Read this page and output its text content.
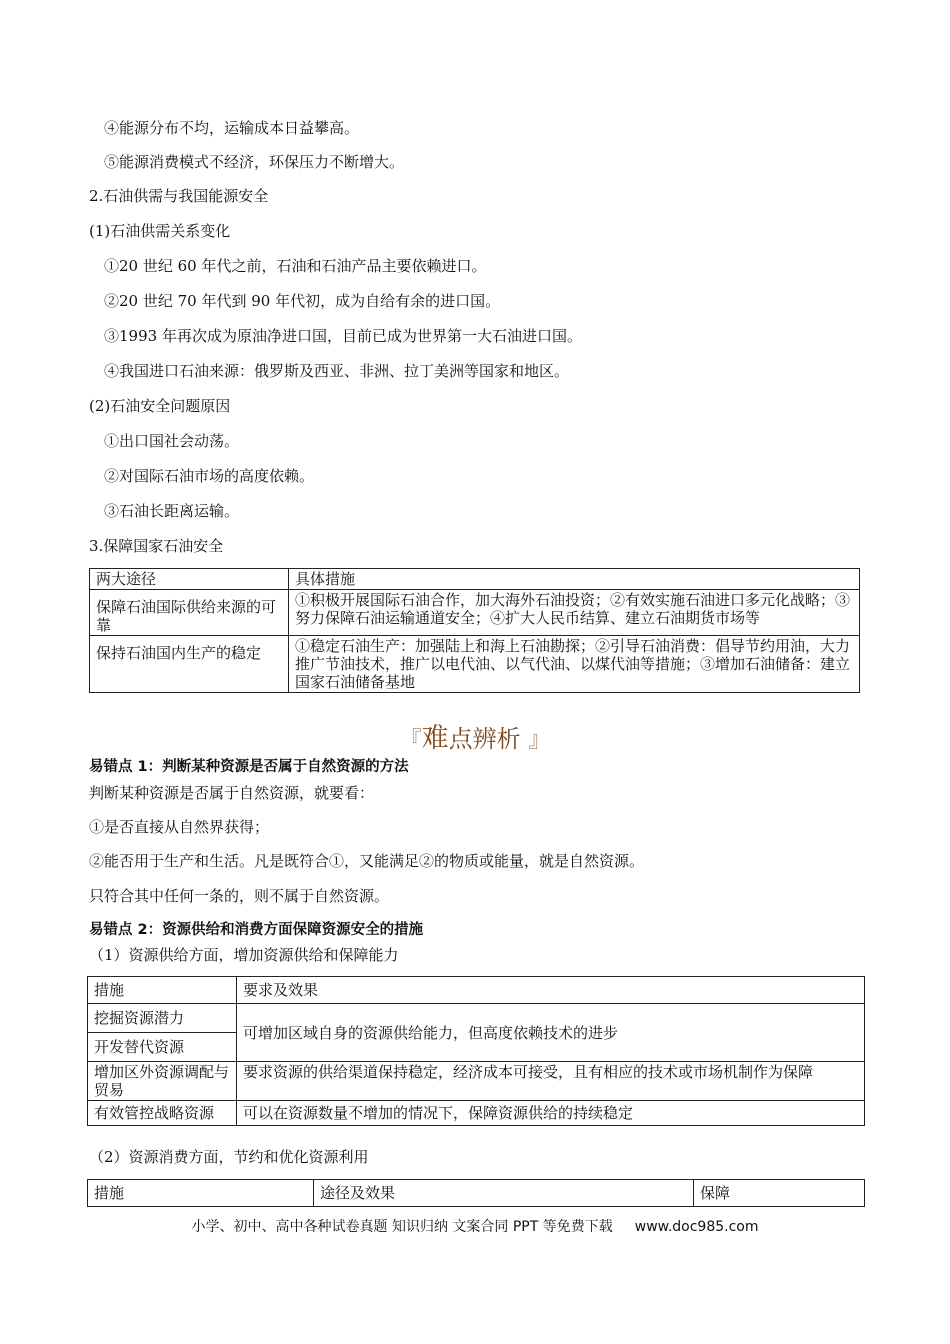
④能源分布不均，运输成本日益攀高。
⑤能源消费模式不经济，环保压力不断增大。
2.石油供需与我国能源安全
(1)石油供需关系变化
①20 世纪 60 年代之前，石油和石油产品主要依赖进口。
②20 世纪 70 年代到 90 年代初，成为自给有余的进口国。
③1993 年再次成为原油净进口国，目前已成为世界第一大石油进口国。
④我国进口石油来源：俄罗斯及西亚、非洲、拉丁美洲等国家和地区。
(2)石油安全问题原因
①出口国社会动荡。
②对国际石油市场的高度依赖。
③石油长距离运输。
3.保障国家石油安全
两大途径	具体措施
保障石油国际供给来源的可靠	①积极开展国际石油合作，加大海外石油投资；②有效实施石油进口多元化战略；③努力保障石油运输通道安全；④扩大人民币结算、建立石油期货市场等
保持石油国内生产的稳定	①稳定石油生产：加强陆上和海上石油勘探；②引导石油消费：倡导节约用油，大力推广节油技术，推广以电代油、以气代油、以煤代油等措施；③增加石油储备：建立国家石油储备基地
『难点辨析 』
易错点 1：判断某种资源是否属于自然资源的方法
判断某种资源是否属于自然资源，就要看：
①是否直接从自然界获得；
②能否用于生产和生活。凡是既符合①，又能满足②的物质或能量，就是自然资源。
只符合其中任何一条的，则不属于自然资源。
易错点 2：资源供给和消费方面保障资源安全的措施
（1）资源供给方面，增加资源供给和保障能力
措施	要求及效果
挖掘资源潜力	可增加区域自身的资源供给能力，但高度依赖技术的进步
开发替代资源	
增加区外资源调配与贸易	要求资源的供给渠道保持稳定，经济成本可接受，且有相应的技术或市场机制作为保障
有效管控战略资源	可以在资源数量不增加的情况下，保障资源供给的持续稳定
（2）资源消费方面，节约和优化资源利用
措施	途径及效果	保障
小学、初中、高中各种试卷真题 知识归纳 文案合同 PPT 等免费下载 www.doc985.com
